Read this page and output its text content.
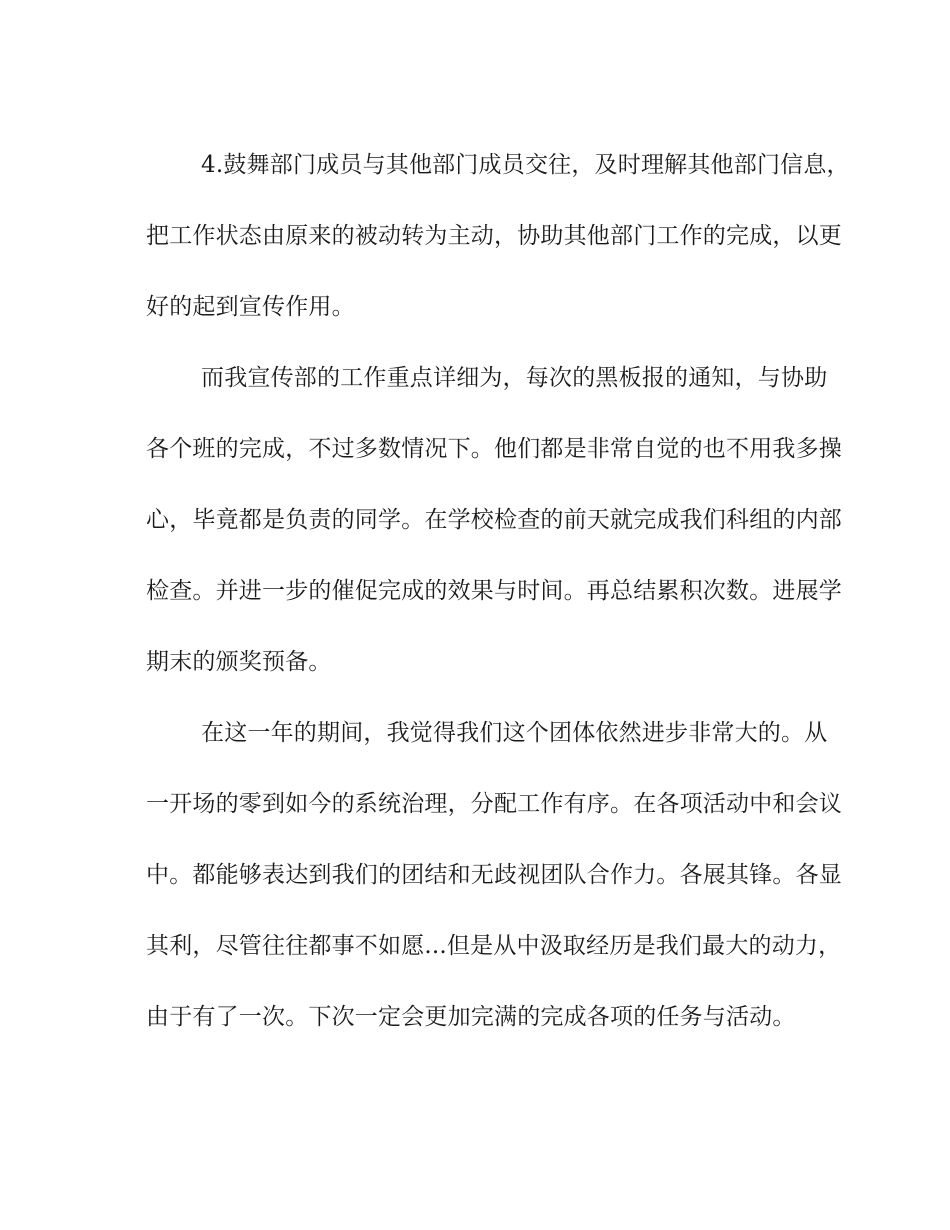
4.鼓舞部门成员与其他部门成员交往，及时理解其他部门信息，
把工作状态由原来的被动转为主动，协助其他部门工作的完成，以更
好的起到宣传作用。
而我宣传部的工作重点详细为，每次的黑板报的通知，与协助
各个班的完成，不过多数情况下。他们都是非常自觉的也不用我多操
心，毕竟都是负责的同学。在学校检查的前天就完成我们科组的内部
检查。并进一步的催促完成的效果与时间。再总结累积次数。进展学
期末的颁奖预备。
在这一年的期间，我觉得我们这个团体依然进步非常大的。从
一开场的零到如今的系统治理，分配工作有序。在各项活动中和会议
中。都能够表达到我们的团结和无歧视团队合作力。各展其锋。各显
其利，尽管往往都事不如愿...但是从中汲取经历是我们最大的动力，
由于有了一次。下次一定会更加完满的完成各项的任务与活动。
